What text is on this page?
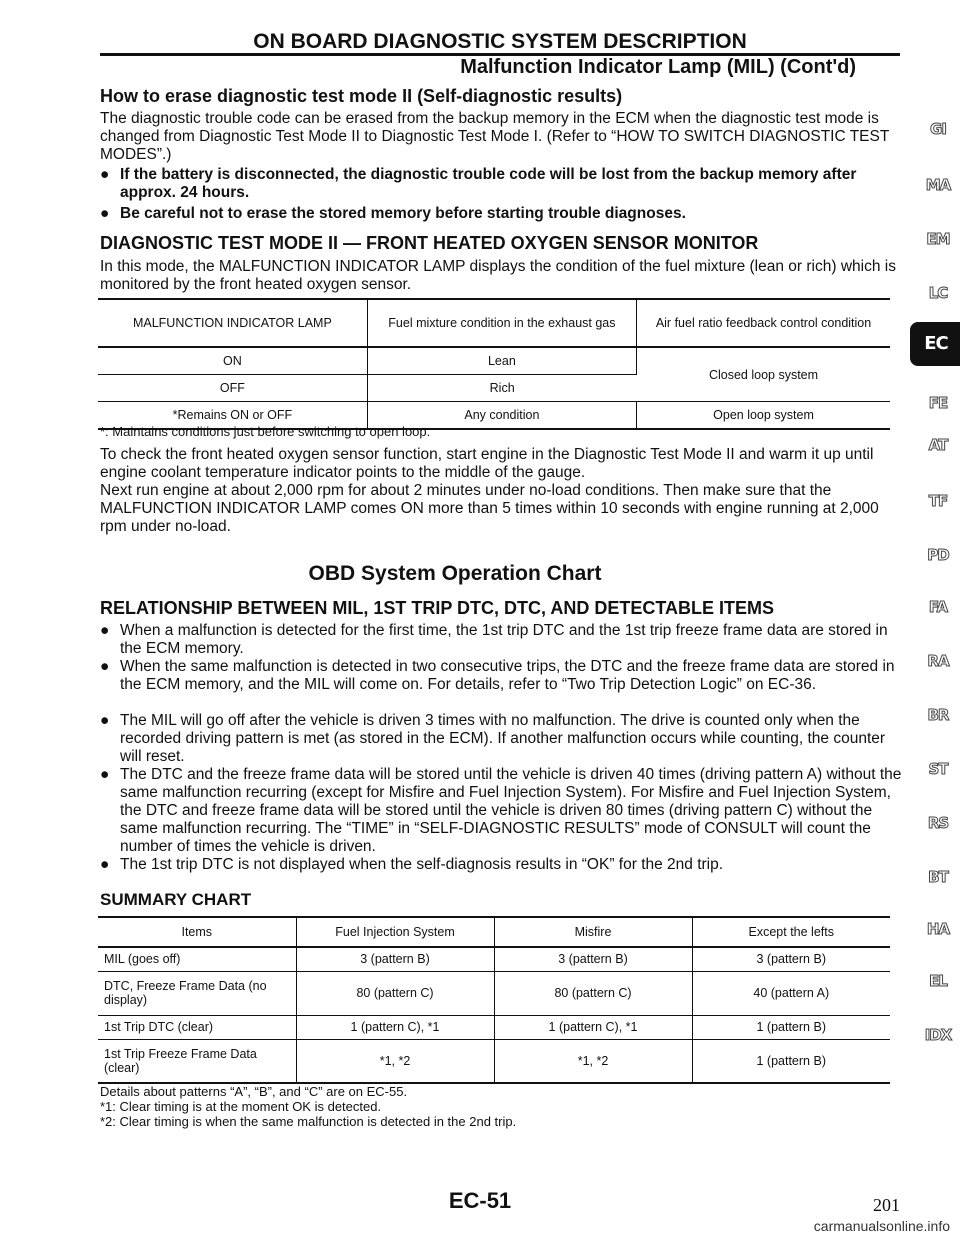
ON BOARD DIAGNOSTIC SYSTEM DESCRIPTION
Malfunction Indicator Lamp (MIL) (Cont'd)
How to erase diagnostic test mode II (Self-diagnostic results)
The diagnostic trouble code can be erased from the backup memory in the ECM when the diagnostic test mode is changed from Diagnostic Test Mode II to Diagnostic Test Mode I. (Refer to “HOW TO SWITCH DIAGNOSTIC TEST MODES”.)
● If the battery is disconnected, the diagnostic trouble code will be lost from the backup memory after approx. 24 hours.
● Be careful not to erase the stored memory before starting trouble diagnoses.
DIAGNOSTIC TEST MODE II — FRONT HEATED OXYGEN SENSOR MONITOR
In this mode, the MALFUNCTION INDICATOR LAMP displays the condition of the fuel mixture (lean or rich) which is monitored by the front heated oxygen sensor.
MALFUNCTION INDICATOR LAMP	Fuel mixture condition in the exhaust gas	Air fuel ratio feedback control condition
ON	Lean	Closed loop system
OFF	Rich	
*Remains ON or OFF	Any condition	Open loop system
*: Maintains conditions just before switching to open loop.
To check the front heated oxygen sensor function, start engine in the Diagnostic Test Mode II and warm it up until engine coolant temperature indicator points to the middle of the gauge.
Next run engine at about 2,000 rpm for about 2 minutes under no-load conditions. Then make sure that the MALFUNCTION INDICATOR LAMP comes ON more than 5 times within 10 seconds with engine running at 2,000 rpm under no-load.
OBD System Operation Chart
RELATIONSHIP BETWEEN MIL, 1ST TRIP DTC, DTC, AND DETECTABLE ITEMS
● When a malfunction is detected for the first time, the 1st trip DTC and the 1st trip freeze frame data are stored in the ECM memory.
● When the same malfunction is detected in two consecutive trips, the DTC and the freeze frame data are stored in the ECM memory, and the MIL will come on. For details, refer to “Two Trip Detection Logic” on EC-36.
● The MIL will go off after the vehicle is driven 3 times with no malfunction. The drive is counted only when the recorded driving pattern is met (as stored in the ECM). If another malfunction occurs while counting, the counter will reset.
● The DTC and the freeze frame data will be stored until the vehicle is driven 40 times (driving pattern A) without the same malfunction recurring (except for Misfire and Fuel Injection System). For Misfire and Fuel Injection System, the DTC and freeze frame data will be stored until the vehicle is driven 80 times (driving pattern C) without the same malfunction recurring. The “TIME” in “SELF-DIAGNOSTIC RESULTS” mode of CONSULT will count the number of times the vehicle is driven.
● The 1st trip DTC is not displayed when the self-diagnosis results in “OK” for the 2nd trip.
SUMMARY CHART
Items	Fuel Injection System	Misfire	Except the lefts
MIL (goes off)	3 (pattern B)	3 (pattern B)	3 (pattern B)
DTC, Freeze Frame Data (no display)	80 (pattern C)	80 (pattern C)	40 (pattern A)
1st Trip DTC (clear)	1 (pattern C), *1	1 (pattern C), *1	1 (pattern B)
1st Trip Freeze Frame Data (clear)	*1, *2	*1, *2	1 (pattern B)
Details about patterns “A”, “B”, and “C” are on EC-55.
*1: Clear timing is at the moment OK is detected.
*2: Clear timing is when the same malfunction is detected in the 2nd trip.
EC-51	201
carmanualsonline.info
GI
MA
EM
LC
EC
FE
AT
TF
PD
FA
RA
BR
ST
RS
BT
HA
EL
IDX
